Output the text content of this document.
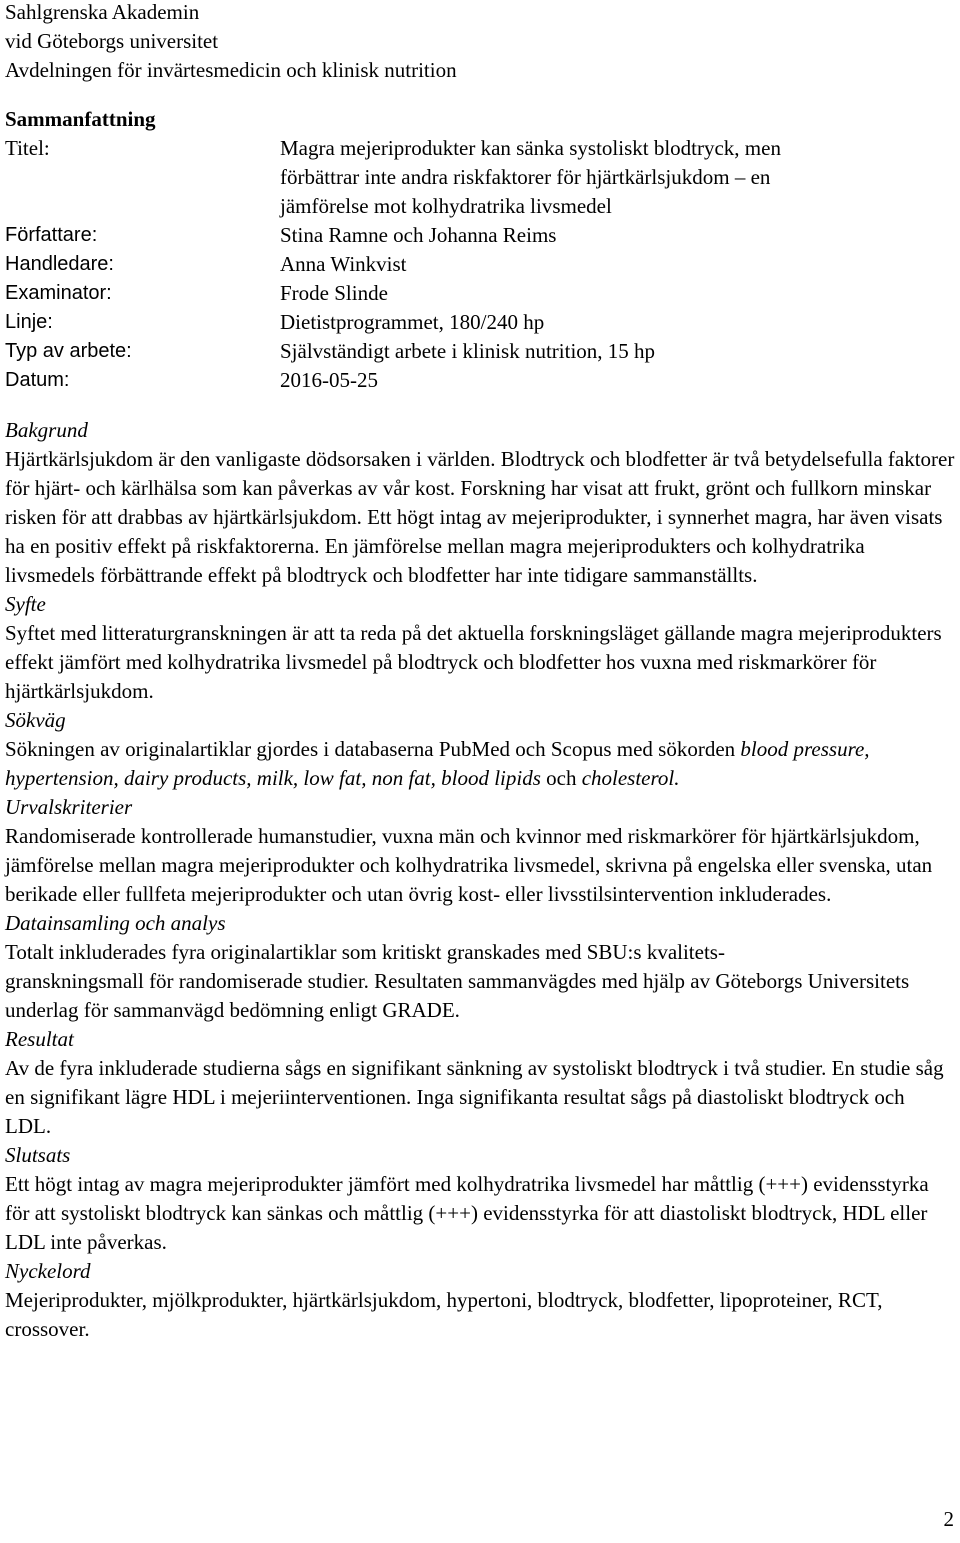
Sahlgrenska Akademin
vid Göteborgs universitet
Avdelningen för invärtesmedicin och klinisk nutrition
Sammanfattning
Titel:	Magra mejeriprodukter kan sänka systoliskt blodtryck, men
förbättrar inte andra riskfaktorer för hjärtkärlsjukdom – en
jämförelse mot kolhydratrika livsmedel
Författare:	Stina Ramne och Johanna Reims
Handledare:	Anna Winkvist
Examinator:	Frode Slinde
Linje:	Dietistprogrammet, 180/240 hp
Typ av arbete:	Självständigt arbete i klinisk nutrition, 15 hp
Datum:	2016-05-25
Bakgrund

Hjärtkärlsjukdom är den vanligaste dödsorsaken i världen. Blodtryck och blodfetter är två betydelsefulla faktorer för hjärt- och kärlhälsa som kan påverkas av vår kost. Forskning har visat att frukt, grönt och fullkorn minskar risken för att drabbas av hjärtkärlsjukdom. Ett högt intag av mejeriprodukter, i synnerhet magra, har även visats ha en positiv effekt på riskfaktorerna. En jämförelse mellan magra mejeriprodukters och kolhydratrika livsmedels förbättrande effekt på blodtryck och blodfetter har inte tidigare sammanställts.

Syfte

Syftet med litteraturgranskningen är att ta reda på det aktuella forskningsläget gällande magra mejeriprodukters effekt jämfört med kolhydratrika livsmedel på blodtryck och blodfetter hos vuxna med riskmarkörer för hjärtkärlsjukdom.

Sökväg

Sökningen av originalartiklar gjordes i databaserna PubMed och Scopus med sökorden blood pressure, hypertension, dairy products, milk, low fat, non fat, blood lipids och cholesterol.

Urvalskriterier

Randomiserade kontrollerade humanstudier, vuxna män och kvinnor med riskmarkörer för hjärtkärlsjukdom, jämförelse mellan magra mejeriprodukter och kolhydratrika livsmedel, skrivna på engelska eller svenska, utan berikade eller fullfeta mejeriprodukter och utan övrig kost- eller livsstilsintervention inkluderades.

Datainsamling och analys

Totalt inkluderades fyra originalartiklar som kritiskt granskades med SBU:s kvalitets-
granskningsmall för randomiserade studier. Resultaten sammanvägdes med hjälp av Göteborgs Universitets underlag för sammanvägd bedömning enligt GRADE.

Resultat

Av de fyra inkluderade studierna sågs en signifikant sänkning av systoliskt blodtryck i två studier. En studie såg en signifikant lägre HDL i mejeriinterventionen. Inga signifikanta resultat sågs på diastoliskt blodtryck och LDL.

Slutsats

Ett högt intag av magra mejeriprodukter jämfört med kolhydratrika livsmedel har måttlig (+++) evidensstyrka för att systoliskt blodtryck kan sänkas och måttlig (+++) evidensstyrka för att diastoliskt blodtryck, HDL eller LDL inte påverkas.

Nyckelord

Mejeriprodukter, mjölkprodukter, hjärtkärlsjukdom, hypertoni, blodtryck, blodfetter, lipoproteiner, RCT, crossover.

2
